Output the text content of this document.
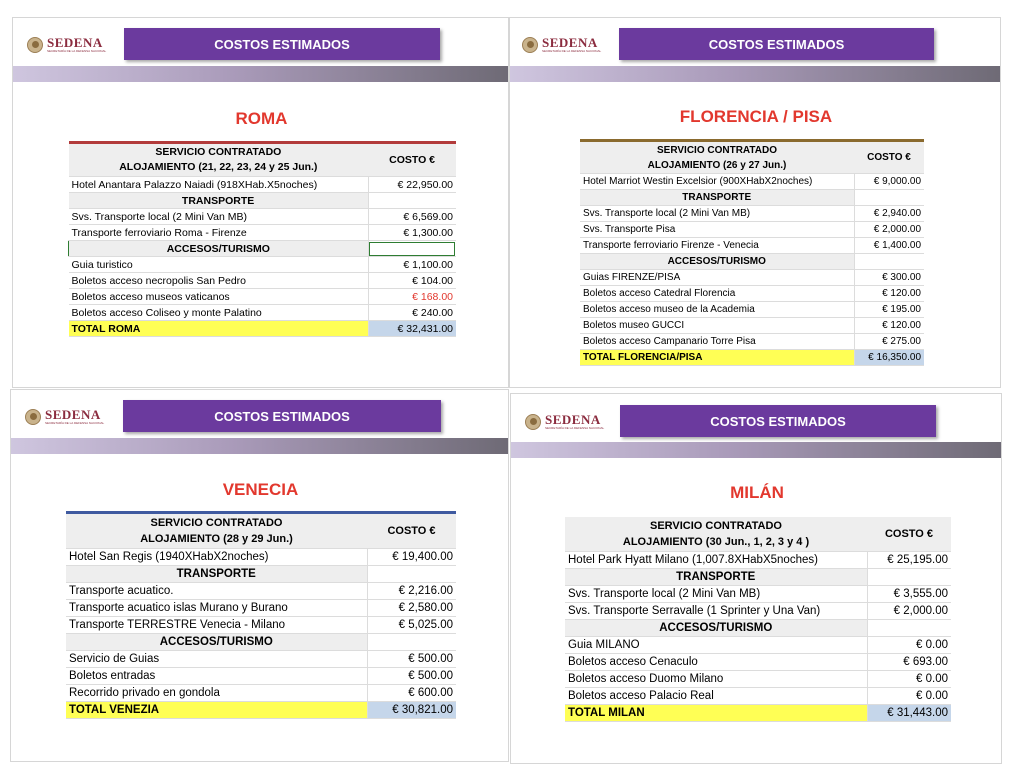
SEDENA
SECRETARÍA DE LA DEFENSA NACIONAL	COSTOS ESTIMADOS
ROMA
SERVICIO CONTRATADO
ALOJAMIENTO (21, 22, 23, 24 y 25 Jun.)	COSTO €
Hotel Anantara Palazzo Naiadi (918XHab.X5noches)	€ 22,950.00
TRANSPORTE	
Svs. Transporte local (2 Mini Van MB)	€ 6,569.00
Transporte ferroviario Roma - Firenze	€ 1,300.00
ACCESOS/TURISMO	
Guia turistico	€ 1,100.00
Boletos acceso necropolis San Pedro	€ 104.00
Boletos acceso museos vaticanos	€ 168.00
Boletos acceso Coliseo y monte Palatino	€ 240.00
TOTAL ROMA	€ 32,431.00
SEDENA
SECRETARÍA DE LA DEFENSA NACIONAL	COSTOS ESTIMADOS
FLORENCIA / PISA
SERVICIO CONTRATADO
ALOJAMIENTO (26 y 27 Jun.)	COSTO €
Hotel Marriot Westin Excelsior (900XHabX2noches)	€ 9,000.00
TRANSPORTE	
Svs. Transporte local (2 Mini Van MB)	€ 2,940.00
Svs. Transporte Pisa	€ 2,000.00
Transporte ferroviario Firenze - Venecia	€ 1,400.00
ACCESOS/TURISMO	
Guias FIRENZE/PISA	€ 300.00
Boletos acceso Catedral Florencia	€ 120.00
Boletos acceso museo de la Academia	€ 195.00
Boletos museo GUCCI	€ 120.00
Boletos acceso Campanario Torre Pisa	€ 275.00
TOTAL FLORENCIA/PISA	€ 16,350.00
SEDENA
SECRETARÍA DE LA DEFENSA NACIONAL	COSTOS ESTIMADOS
VENECIA
SERVICIO CONTRATADO
ALOJAMIENTO (28 y 29 Jun.)	COSTO €
Hotel San Regis (1940XHabX2noches)	€ 19,400.00
TRANSPORTE	
Transporte acuatico.	€ 2,216.00
Transporte acuatico islas Murano y Burano	€ 2,580.00
Transporte TERRESTRE Venecia - Milano	€ 5,025.00
ACCESOS/TURISMO	
Servicio de Guias	€ 500.00
Boletos entradas	€ 500.00
Recorrido privado en gondola	€ 600.00
TOTAL VENEZIA	€ 30,821.00
SEDENA
SECRETARÍA DE LA DEFENSA NACIONAL	COSTOS ESTIMADOS
MILÁN
SERVICIO CONTRATADO
ALOJAMIENTO (30 Jun., 1, 2, 3 y 4 )	COSTO €
Hotel Park Hyatt Milano (1,007.8XHabX5noches)	€ 25,195.00
TRANSPORTE	
Svs. Transporte local (2 Mini Van MB)	€ 3,555.00
Svs. Transporte Serravalle (1 Sprinter y Una Van)	€ 2,000.00
ACCESOS/TURISMO	
Guia MILANO	€ 0.00
Boletos acceso Cenaculo	€ 693.00
Boletos acceso Duomo Milano	€ 0.00
Boletos acceso Palacio Real	€ 0.00
TOTAL MILAN	€ 31,443.00
